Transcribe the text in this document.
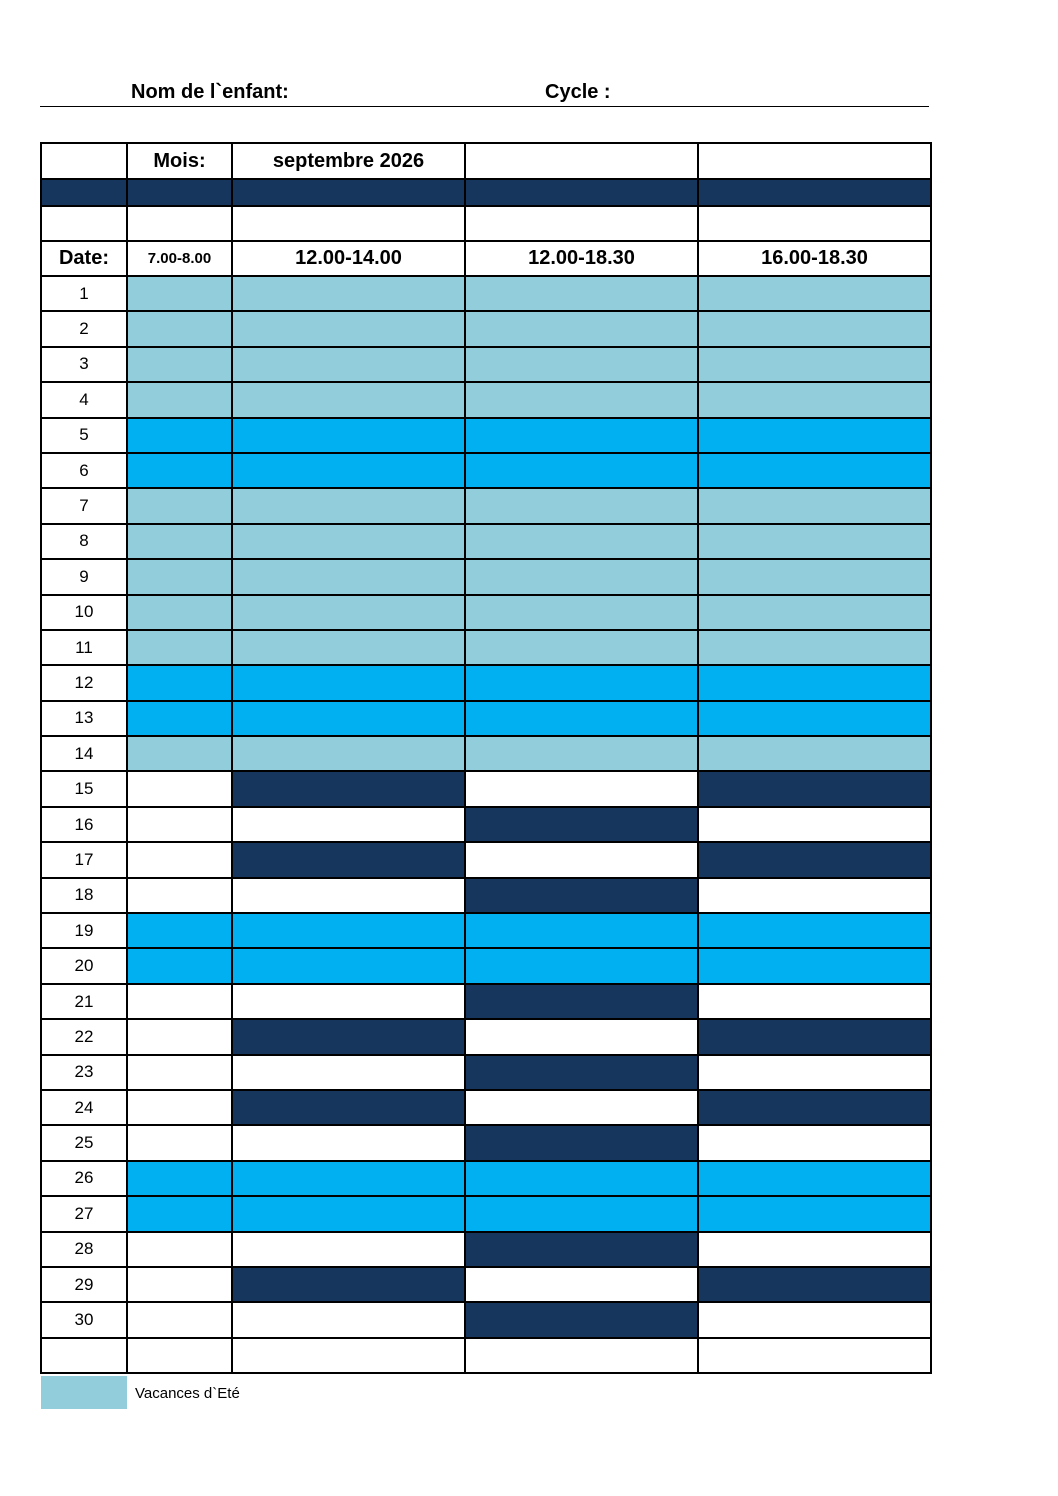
Nom de l`enfant:	Cycle :
	Mois:	septembre 2026		

Date:	7.00-8.00	12.00-14.00	12.00-18.30	16.00-18.30
1				
2				
3				
4				
5				
6				
7				
8				
9				
10				
11				
12				
13				
14				
15				
16				
17				
18				
19				
20				
21				
22				
23				
24				
25				
26				
27				
28				
29				
30				

Vacances d`Eté
